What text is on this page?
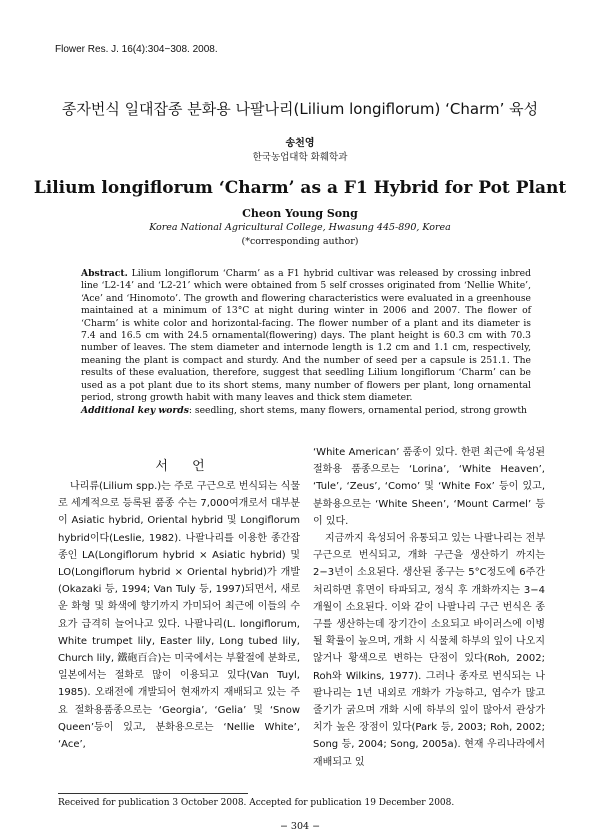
Flower Res. J. 16(4):304−308. 2008.
종자번식 일대잡종 분화용 나팔나리(Lilium longiflorum) ‘Charm’ 육성
송천영
한국농업대학 화훼학과
Lilium longiflorum ‘Charm’ as a F1 Hybrid for Pot Plant
Cheon Young Song
Korea National Agricultural College, Hwasung 445-890, Korea
(*corresponding author)
Abstract. Lilium longiflorum ‘Charm’ as a F1 hybrid cultivar was released by crossing inbred line ‘L2-14’ and ‘L2-21’ which were obtained from 5 self crosses originated from ‘Nellie White’, ‘Ace’ and ‘Hinomoto’. The growth and flowering characteristics were evaluated in a greenhouse maintained at a minimum of 13°C at night during winter in 2006 and 2007. The flower of ‘Charm’ is white color and horizontal-facing. The flower number of a plant and its diameter is 7.4 and 16.5 cm with 24.5 ornamental(flowering) days. The plant height is 60.3 cm with 70.3 number of leaves. The stem diameter and internode length is 1.2 cm and 1.1 cm, respectively, meaning the plant is compact and sturdy. And the number of seed per a capsule is 251.1. The results of these evaluation, therefore, suggest that seedling Lilium longiflorum ‘Charm’ can be used as a pot plant due to its short stems, many number of flowers per plant, long ornamental period, strong growth habit with many leaves and thick stem diameter.
Additional key words: seedling, short stems, many flowers, ornamental period, strong growth
서 언

나리류(Lilium spp.)는 주로 구근으로 번식되는 식물로 세계적으로 등록된 품종 수는 7,000여개로서 대부분이 Asiatic hybrid, Oriental hybrid 및 Longiflorum hybrid이다(Leslie, 1982). 나팔나리를 이용한 종간잡종인 LA(Longiflorum hybrid × Asiatic hybrid) 및 LO(Longiflorum hybrid × Oriental hybrid)가 개발(Okazaki 등, 1994; Van Tuly 등, 1997)되면서, 새로운 화형 및 화색에 향기까지 가미되어 최근에 이들의 수요가 급격히 늘어나고 있다. 나팔나리(L. longiflorum, White trumpet lily, Easter lily, Long tubed lily, Church lily, 鐵砲百合)는 미국에서는 부활절에 분화로, 일본에서는 절화로 많이 이용되고 있다(Van Tuyl, 1985). 오래전에 개발되어 현재까지 재배되고 있는 주요 절화용품종으로는 ‘Georgia’, ‘Gelia’ 및 ‘Snow Queen’등이 있고, 분화용으로는 ‘Nellie White’, ‘Ace’,

‘White American’ 품종이 있다. 한편 최근에 육성된 절화용 품종으로는 ‘Lorina’, ‘White Heaven’, ‘Tule’, ‘Zeus’, ‘Como’ 및 ‘White Fox’ 등이 있고, 분화용으로는 ‘White Sheen’, ‘Mount Carmel’ 등이 있다.

지금까지 육성되어 유통되고 있는 나팔나리는 전부 구근으로 번식되고, 개화 구근을 생산하기 까지는 2−3년이 소요된다. 생산된 종구는 5°C정도에 6주간 처리하면 휴면이 타파되고, 정식 후 개화까지는 3−4 개월이 소요된다. 이와 같이 나팔나리 구근 번식은 종구를 생산하는데 장기간이 소요되고 바이러스에 이병될 확률이 높으며, 개화 시 식물체 하부의 잎이 나오지 않거나 황색으로 변하는 단점이 있다(Roh, 2002; Roh와 Wilkins, 1977). 그러나 종자로 번식되는 나팔나리는 1년 내외로 개화가 가능하고, 엽수가 많고 줄기가 굵으며 개화 시에 하부의 잎이 많아서 관상가치가 높은 장점이 있다(Park 등, 2003; Roh, 2002; Song 등, 2004; Song, 2005a). 현재 우리나라에서 재배되고 있

Received for publication 3 October 2008. Accepted for publication 19 December 2008.
− 304 −
